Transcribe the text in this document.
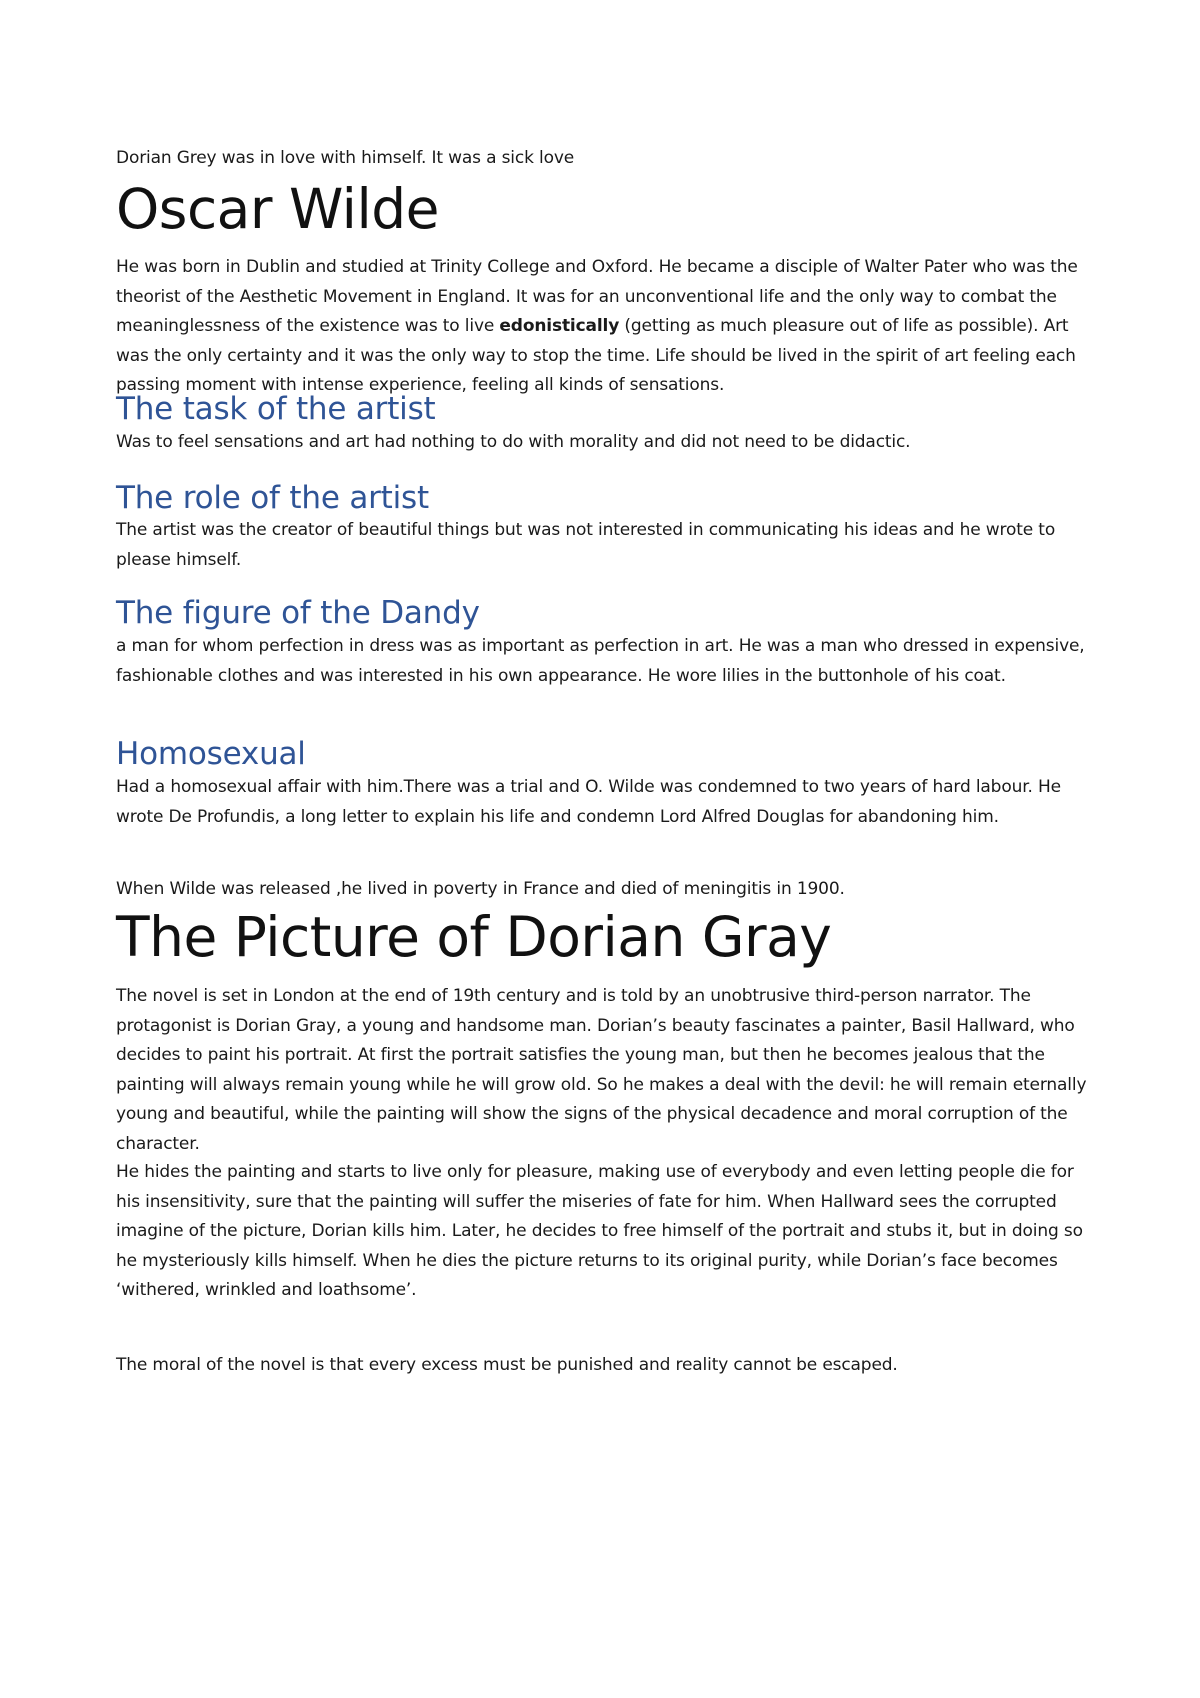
Dorian Grey was in love with himself. It was a sick love

Oscar Wilde

He was born in Dublin and studied at Trinity College and Oxford. He became a disciple of Walter Pater who was the theorist of the Aesthetic Movement in England. It was for an unconventional life and the only way to combat the meaninglessness of the existence was to live edonistically (getting as much pleasure out of life as possible). Art was the only certainty and it was the only way to stop the time. Life should be lived in the spirit of art feeling each passing moment with intense experience, feeling all kinds of sensations.

The task of the artist

Was to feel sensations and art had nothing to do with morality and did not need to be didactic.

The role of the artist

The artist was the creator of beautiful things but was not interested in communicating his ideas and he wrote to please himself.

The figure of the Dandy

a man for whom perfection in dress was as important as perfection in art. He was a man who dressed in expensive, fashionable clothes and was interested in his own appearance. He wore lilies in the buttonhole of his coat.

Homosexual

Had a homosexual affair with him.There was a trial and O. Wilde was condemned to two years of hard labour. He wrote De Profundis, a long letter to explain his life and condemn Lord Alfred Douglas for abandoning him.

When Wilde was released ,he lived in poverty in France and died of meningitis in 1900.

The Picture of Dorian Gray

The novel is set in London at the end of 19th century and is told by an unobtrusive third-person narrator. The protagonist is Dorian Gray, a young and handsome man. Dorian’s beauty fascinates a painter, Basil Hallward, who decides to paint his portrait. At first the portrait satisfies the young man, but then he becomes jealous that the painting will always remain young while he will grow old. So he makes a deal with the devil: he will remain eternally young and beautiful, while the painting will show the signs of the physical decadence and moral corruption of the character.

He hides the painting and starts to live only for pleasure, making use of everybody and even letting people die for his insensitivity, sure that the painting will suffer the miseries of fate for him. When Hallward sees the corrupted imagine of the picture, Dorian kills him. Later, he decides to free himself of the portrait and stubs it, but in doing so he mysteriously kills himself. When he dies the picture returns to its original purity, while Dorian’s face becomes ‘withered, wrinkled and loathsome’.

The moral of the novel is that every excess must be punished and reality cannot be escaped.
